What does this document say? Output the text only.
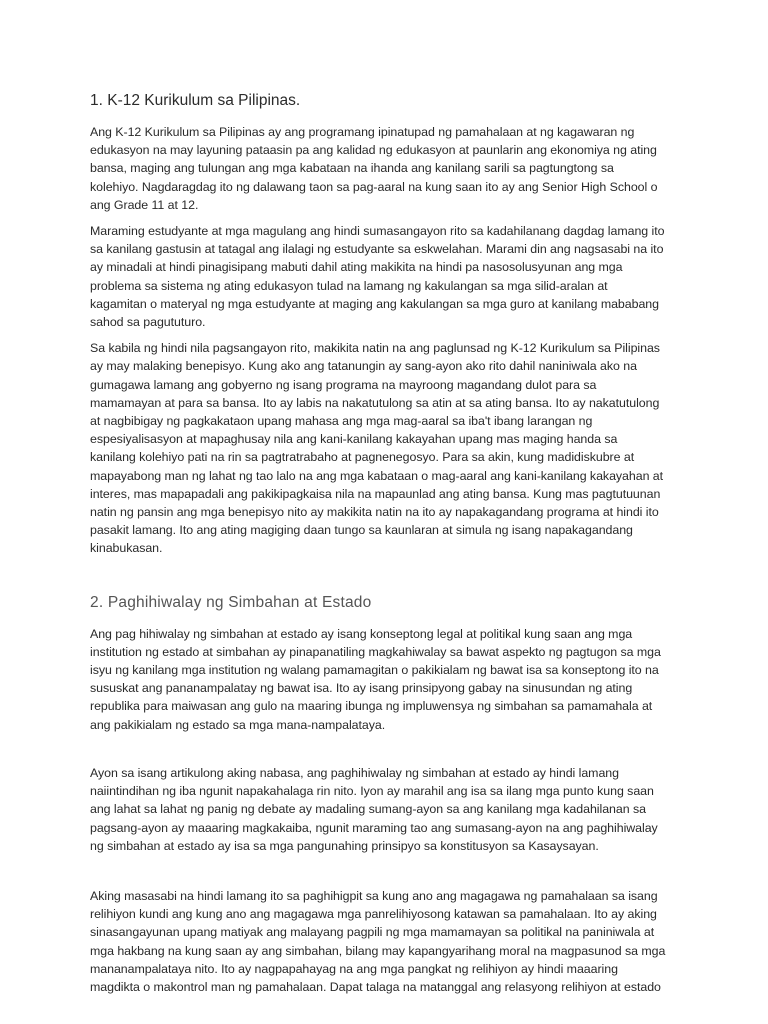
1. K-12 Kurikulum sa Pilipinas.

Ang K-12 Kurikulum sa Pilipinas ay ang programang ipinatupad ng pamahalaan at ng kagawaran ng
edukasyon na may layuning pataasin pa ang kalidad ng edukasyon at paunlarin ang ekonomiya ng ating
bansa, maging ang tulungan ang mga kabataan na ihanda ang kanilang sarili sa pagtungtong sa
kolehiyo. Nagdaragdag ito ng dalawang taon sa pag-aaral na kung saan ito ay ang Senior High School o
ang Grade 11 at 12.

Maraming estudyante at mga magulang ang hindi sumasangayon rito sa kadahilanang dagdag lamang ito
sa kanilang gastusin at tatagal ang ilalagi ng estudyante sa eskwelahan. Marami din ang nagsasabi na ito
ay minadali at hindi pinagisipang mabuti dahil ating makikita na hindi pa nasosolusyunan ang mga
problema sa sistema ng ating edukasyon tulad na lamang ng kakulangan sa mga silid-aralan at
kagamitan o materyal ng mga estudyante at maging ang kakulangan sa mga guro at kanilang mababang
sahod sa pagututuro.

Sa kabila ng hindi nila pagsangayon rito, makikita natin na ang paglunsad ng K-12 Kurikulum sa Pilipinas
ay may malaking benepisyo. Kung ako ang tatanungin ay sang-ayon ako rito dahil naniniwala ako na
gumagawa lamang ang gobyerno ng isang programa na mayroong magandang dulot para sa
mamamayan at para sa bansa. Ito ay labis na nakatutulong sa atin at sa ating bansa. Ito ay nakatutulong
at nagbibigay ng pagkakataon upang mahasa ang mga mag-aaral sa iba't ibang larangan ng
espesiyalisasyon at mapaghusay nila ang kani-kanilang kakayahan upang mas maging handa sa
kanilang kolehiyo pati na rin sa pagtratrabaho at pagnenegosyo. Para sa akin, kung madidiskubre at
mapayabong man ng lahat ng tao lalo na ang mga kabataan o mag-aaral ang kani-kanilang kakayahan at
interes, mas mapapadali ang pakikipagkaisa nila na mapaunlad ang ating bansa. Kung mas pagtutuunan
natin ng pansin ang mga benepisyo nito ay makikita natin na ito ay napakagandang programa at hindi ito
pasakit lamang. Ito ang ating magiging daan tungo sa kaunlaran at simula ng isang napakagandang
kinabukasan.

2. Paghihiwalay ng Simbahan at Estado

Ang pag hihiwalay ng simbahan at estado ay isang konseptong legal at politikal kung saan ang mga
institution ng estado at simbahan ay pinapanatiling magkahiwalay sa bawat aspekto ng pagtugon sa mga
isyu ng kanilang mga institution ng walang pamamagitan o pakikialam ng bawat isa sa konseptong ito na
sususkat ang pananampalatay ng bawat isa. Ito ay isang prinsipyong gabay na sinusundan ng ating
republika para maiwasan ang gulo na maaring ibunga ng impluwensya ng simbahan sa pamamahala at
ang pakikialam ng estado sa mga mana-nampalataya.

Ayon sa isang artikulong aking nabasa, ang paghihiwalay ng simbahan at estado ay hindi lamang
naiintindihan ng iba ngunit napakahalaga rin nito. Iyon ay marahil ang isa sa ilang mga punto kung saan
ang lahat sa lahat ng panig ng debate ay madaling sumang-ayon sa ang kanilang mga kadahilanan sa
pagsang-ayon ay maaaring magkakaiba, ngunit maraming tao ang sumasang-ayon na ang paghihiwalay
ng simbahan at estado ay isa sa mga pangunahing prinsipyo sa konstitusyon sa Kasaysayan.

Aking masasabi na hindi lamang ito sa paghihigpit sa kung ano ang magagawa ng pamahalaan sa isang
relihiyon kundi ang kung ano ang magagawa mga panrelihiyosong katawan sa pamahalaan. Ito ay aking
sinasangayunan upang matiyak ang malayang pagpili ng mga mamamayan sa politikal na paniniwala at
mga hakbang na kung saan ay ang simbahan, bilang may kapangyarihang moral na magpasunod sa mga
mananampalataya nito. Ito ay nagpapahayag na ang mga pangkat ng relihiyon ay hindi maaaring
magdikta o makontrol man ng pamahalaan. Dapat talaga na matanggal ang relasyong relihiyon at estado
